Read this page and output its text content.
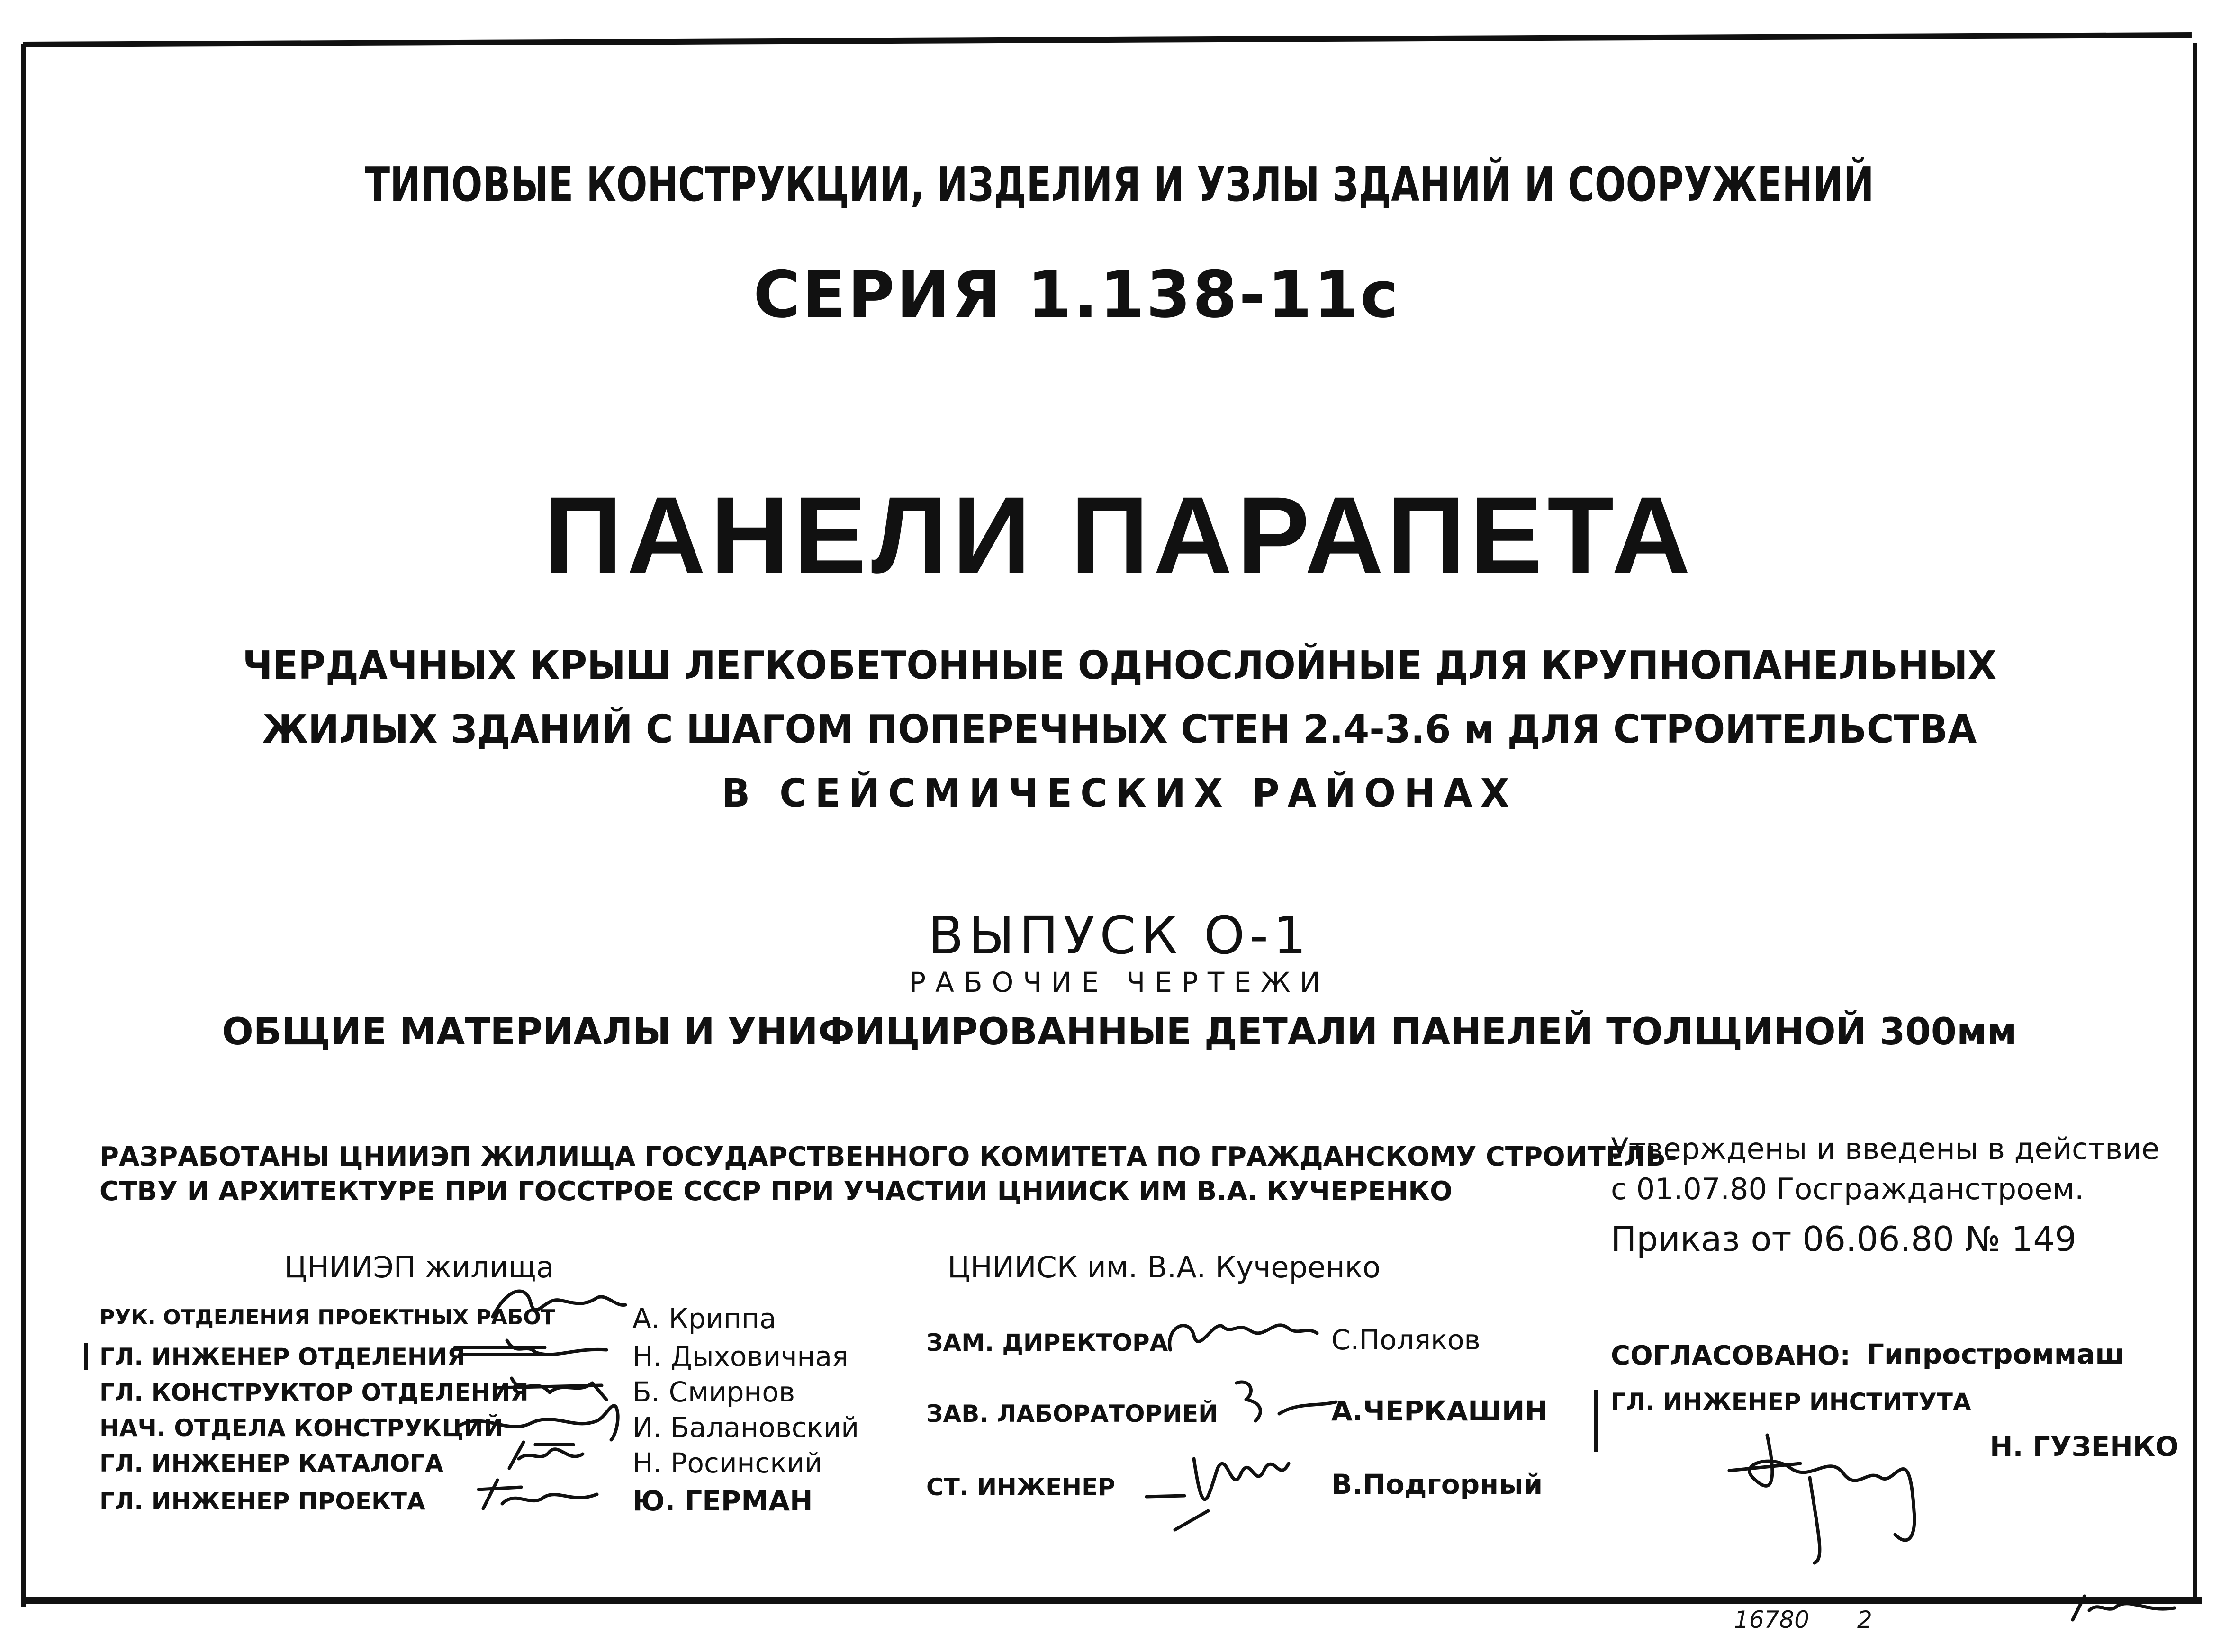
ТИПОВЫЕ КОНСТРУКЦИИ, ИЗДЕЛИЯ И УЗЛЫ ЗДАНИЙ И СООРУЖЕНИЙ
СЕРИЯ 1.138-11с
ПАНЕЛИ ПАРАПЕТА
ЧЕРДАЧНЫХ КРЫШ ЛЕГКОБЕТОННЫЕ ОДНОСЛОЙНЫЕ ДЛЯ КРУПНОПАНЕЛЬНЫХ
ЖИЛЫХ ЗДАНИЙ С ШАГОМ ПОПЕРЕЧНЫХ СТЕН 2.4-3.6 м ДЛЯ СТРОИТЕЛЬСТВА
В СЕЙСМИЧЕСКИХ РАЙОНАХ
ВЫПУСК О-1
РАБОЧИЕ ЧЕРТЕЖИ
ОБЩИЕ МАТЕРИАЛЫ И УНИФИЦИРОВАННЫЕ ДЕТАЛИ ПАНЕЛЕЙ ТОЛЩИНОЙ 300мм
РАЗРАБОТАНЫ ЦНИИЭП ЖИЛИЩА ГОСУДАРСТВЕННОГО КОМИТЕТА ПО ГРАЖДАНСКОМУ СТРОИТЕЛЬ-
СТВУ И АРХИТЕКТУРЕ ПРИ ГОССТРОЕ СССР ПРИ УЧАСТИИ ЦНИИСК ИМ В.А. КУЧЕРЕНКО
Утверждены и введены в действие
с 01.07.80 Госгражданстроем.
Приказ от 06.06.80 № 149
ЦНИИЭП жилища	ЦНИИСК им. В.А. Кучеренко
РУК. ОТДЕЛЕНИЯ ПРОЕКТНЫХ РАБОТ	А. Криппа
ГЛ. ИНЖЕНЕР ОТДЕЛЕНИЯ	Н. Дыховичная
ГЛ. КОНСТРУКТОР ОТДЕЛЕНИЯ	Б. Смирнов
НАЧ. ОТДЕЛА КОНСТРУКЦИЙ	И. Балановский
ГЛ. ИНЖЕНЕР КАТАЛОГА	Н. Росинский
ГЛ. ИНЖЕНЕР ПРОЕКТА	Ю. ГЕРМАН
ЗАМ. ДИРЕКТОРА	С.Поляков
ЗАВ. ЛАБОРАТОРИЕЙ	А.ЧЕРКАШИН
СТ. ИНЖЕНЕР	В.Подгорный
СОГЛАСОВАНО: Гипростроммаш
ГЛ. ИНЖЕНЕР ИНСТИТУТА
Н. ГУЗЕНКО
16780 2
